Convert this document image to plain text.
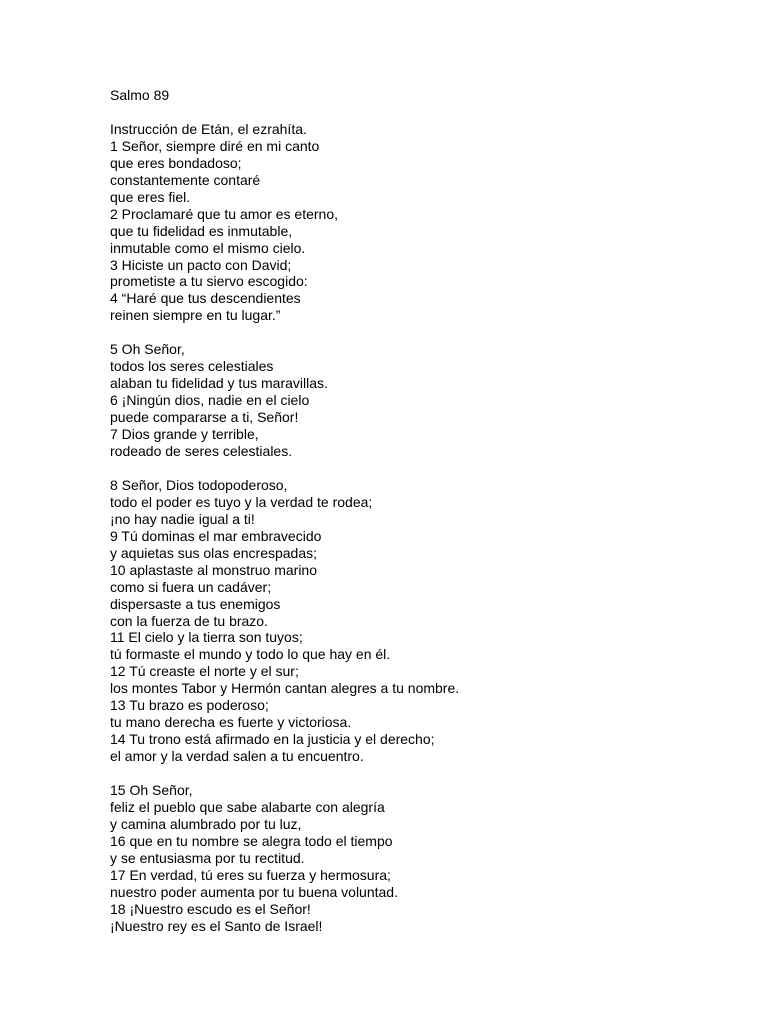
Salmo 89
Instrucción de Etán, el ezrahíta.
1 Señor, siempre diré en mi canto
que eres bondadoso;
constantemente contaré
que eres fiel.
2 Proclamaré que tu amor es eterno,
que tu fidelidad es inmutable,
inmutable como el mismo cielo.
3 Hiciste un pacto con David;
prometiste a tu siervo escogido:
4 “Haré que tus descendientes
reinen siempre en tu lugar.”
5 Oh Señor,
todos los seres celestiales
alaban tu fidelidad y tus maravillas.
6 ¡Ningún dios, nadie en el cielo
puede compararse a ti, Señor!
7 Dios grande y terrible,
rodeado de seres celestiales.
8 Señor, Dios todopoderoso,
todo el poder es tuyo y la verdad te rodea;
¡no hay nadie igual a ti!
9 Tú dominas el mar embravecido
y aquietas sus olas encrespadas;
10 aplastaste al monstruo marino
como si fuera un cadáver;
dispersaste a tus enemigos
con la fuerza de tu brazo.
11 El cielo y la tierra son tuyos;
tú formaste el mundo y todo lo que hay en él.
12 Tú creaste el norte y el sur;
los montes Tabor y Hermón cantan alegres a tu nombre.
13 Tu brazo es poderoso;
tu mano derecha es fuerte y victoriosa.
14 Tu trono está afirmado en la justicia y el derecho;
el amor y la verdad salen a tu encuentro.
15 Oh Señor,
feliz el pueblo que sabe alabarte con alegría
y camina alumbrado por tu luz,
16 que en tu nombre se alegra todo el tiempo
y se entusiasma por tu rectitud.
17 En verdad, tú eres su fuerza y hermosura;
nuestro poder aumenta por tu buena voluntad.
18 ¡Nuestro escudo es el Señor!
¡Nuestro rey es el Santo de Israel!
